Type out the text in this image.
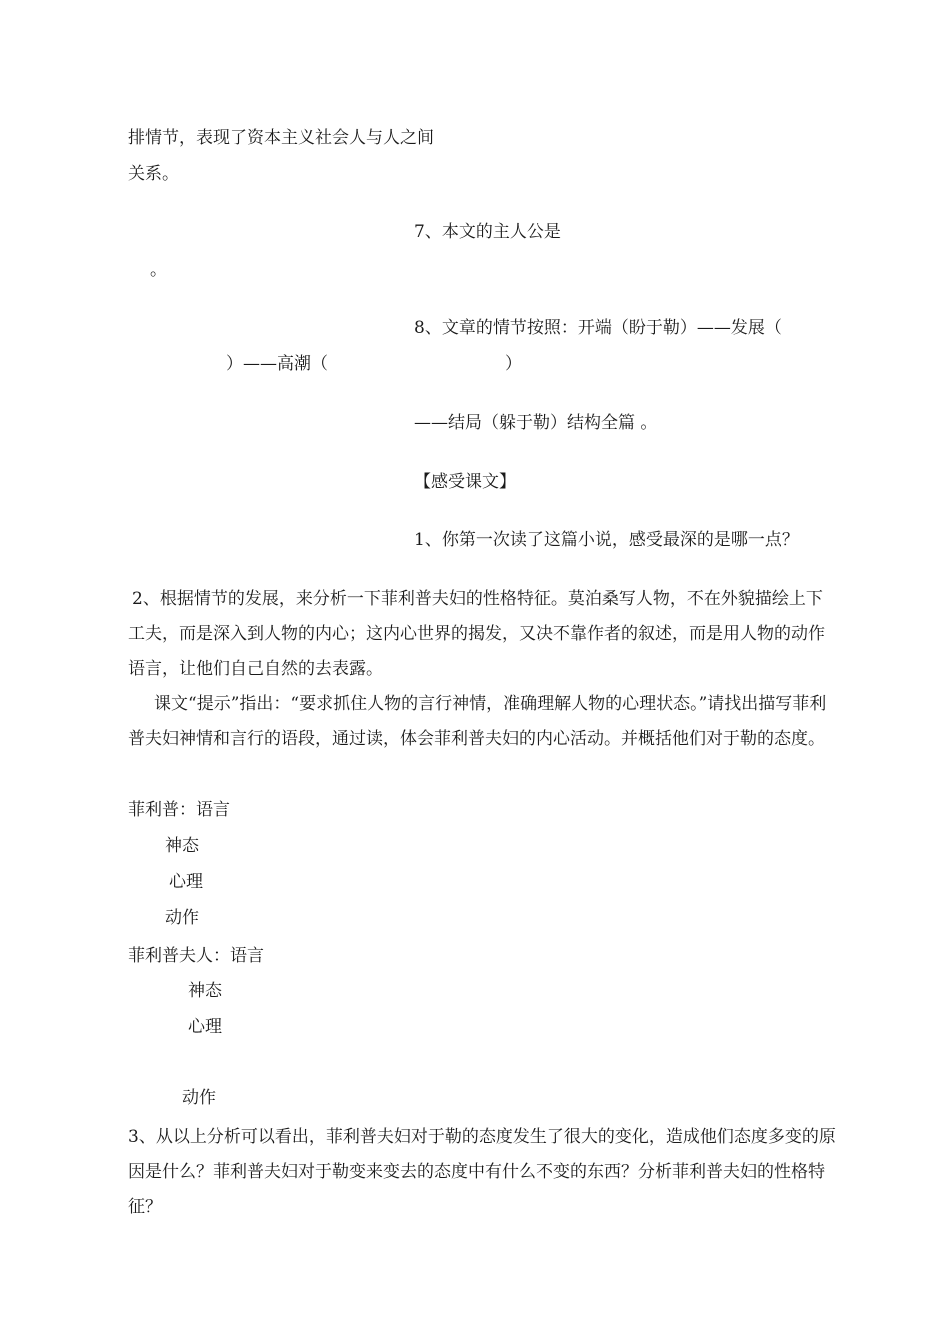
排情节，表现了资本主义社会人与人之间
关系。
7、本文的主人公是
。
8、文章的情节按照：开端（盼于勒）——发展（
）——高潮（	）
——结局（躲于勒）结构全篇 。
【感受课文】
1、你第一次读了这篇小说，感受最深的是哪一点？

2、根据情节的发展，来分析一下菲利普夫妇的性格特征。莫泊桑写人物，不在外貌描绘上下工夫，而是深入到人物的内心；这内心世界的揭发，又决不靠作者的叙述，而是用人物的动作语言，让他们自己自然的去表露。

课文“提示”指出：“要求抓住人物的言行神情，准确理解人物的心理状态。”请找出描写菲利普夫妇神情和言行的语段，通过读，体会菲利普夫妇的内心活动。并概括他们对于勒的态度。

菲利普：语言
神态
心理
动作
菲利普夫人：语言
神态
心理
动作

3、从以上分析可以看出，菲利普夫妇对于勒的态度发生了很大的变化，造成他们态度多变的原因是什么？菲利普夫妇对于勒变来变去的态度中有什么不变的东西？分析菲利普夫妇的性格特征？
